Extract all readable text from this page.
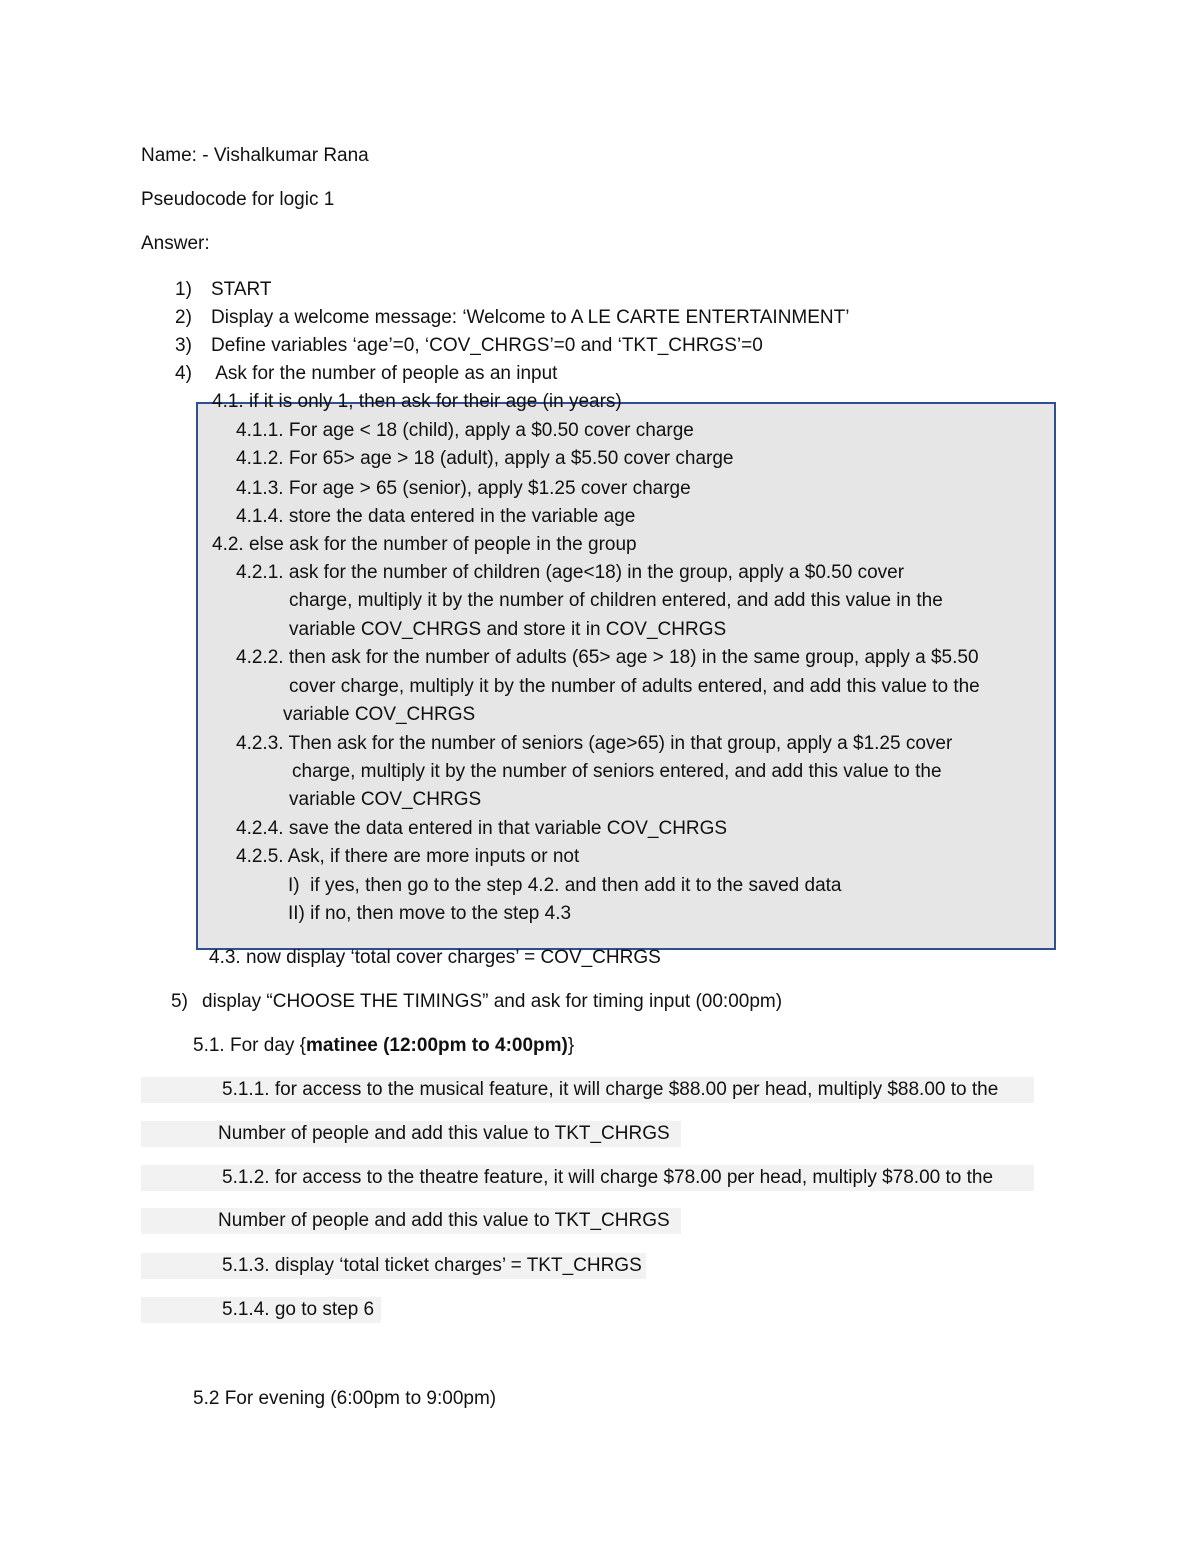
Name: - Vishalkumar Rana
Pseudocode for logic 1
Answer:
1) START
2) Display a welcome message: ‘Welcome to A LE CARTE ENTERTAINMENT’
3) Define variables ‘age’=0, ‘COV_CHRGS’=0 and ‘TKT_CHRGS’=0
4) Ask for the number of people as an input
4.1. if it is only 1, then ask for their age (in years)
4.1.1. For age < 18 (child), apply a $0.50 cover charge
4.1.2. For 65> age > 18 (adult), apply a $5.50 cover charge
4.1.3. For age > 65 (senior), apply $1.25 cover charge
4.1.4. store the data entered in the variable age
4.2. else ask for the number of people in the group
4.2.1. ask for the number of children (age<18) in the group, apply a $0.50 cover
charge, multiply it by the number of children entered, and add this value in the
variable COV_CHRGS and store it in COV_CHRGS
4.2.2. then ask for the number of adults (65> age > 18) in the same group, apply a $5.50
cover charge, multiply it by the number of adults entered, and add this value to the
variable COV_CHRGS
4.2.3. Then ask for the number of seniors (age>65) in that group, apply a $1.25 cover
charge, multiply it by the number of seniors entered, and add this value to the
variable COV_CHRGS
4.2.4. save the data entered in that variable COV_CHRGS
4.2.5. Ask, if there are more inputs or not
I)  if yes, then go to the step 4.2. and then add it to the saved data
II) if no, then move to the step 4.3
4.3. now display ‘total cover charges’ = COV_CHRGS
5) display “CHOOSE THE TIMINGS” and ask for timing input (00:00pm)
5.1. For day {matinee (12:00pm to 4:00pm)}
5.1.1. for access to the musical feature, it will charge $88.00 per head, multiply $88.00 to the
Number of people and add this value to TKT_CHRGS
5.1.2. for access to the theatre feature, it will charge $78.00 per head, multiply $78.00 to the
Number of people and add this value to TKT_CHRGS
5.1.3. display ‘total ticket charges’ = TKT_CHRGS
5.1.4. go to step 6
5.2 For evening (6:00pm to 9:00pm)
